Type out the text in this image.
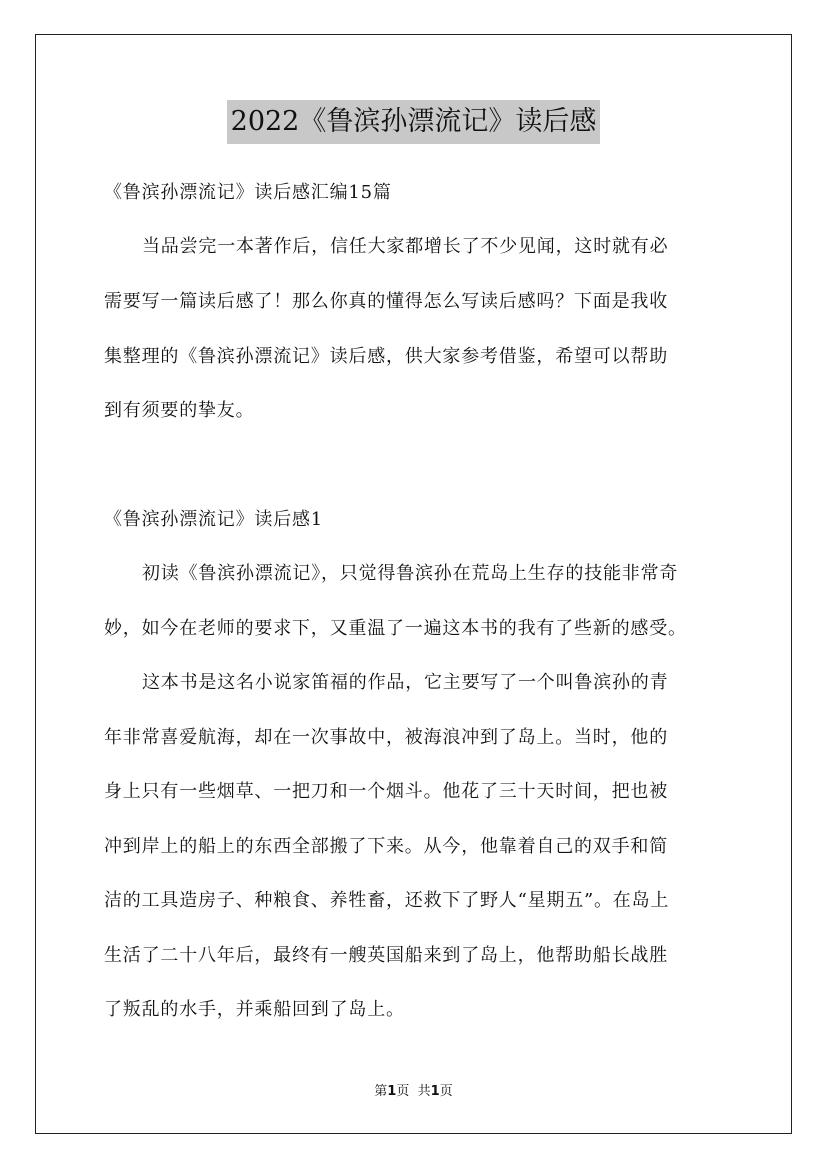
2022《鲁滨孙漂流记》读后感
《鲁滨孙漂流记》读后感汇编15篇
当品尝完一本著作后，信任大家都增长了不少见闻，这时就有必
需要写一篇读后感了！那么你真的懂得怎么写读后感吗？下面是我收
集整理的《鲁滨孙漂流记》读后感，供大家参考借鉴，希望可以帮助
到有须要的挚友。
《鲁滨孙漂流记》读后感1
初读《鲁滨孙漂流记》，只觉得鲁滨孙在荒岛上生存的技能非常奇
妙，如今在老师的要求下，又重温了一遍这本书的我有了些新的感受。
这本书是这名小说家笛福的作品，它主要写了一个叫鲁滨孙的青
年非常喜爱航海，却在一次事故中，被海浪冲到了岛上。当时，他的
身上只有一些烟草、一把刀和一个烟斗。他花了三十天时间，把也被
冲到岸上的船上的东西全部搬了下来。从今，他靠着自己的双手和简
洁的工具造房子、种粮食、养牲畜，还救下了野人“星期五”。在岛上
生活了二十八年后，最终有一艘英国船来到了岛上，他帮助船长战胜
了叛乱的水手，并乘船回到了岛上。
第1页 共1页
